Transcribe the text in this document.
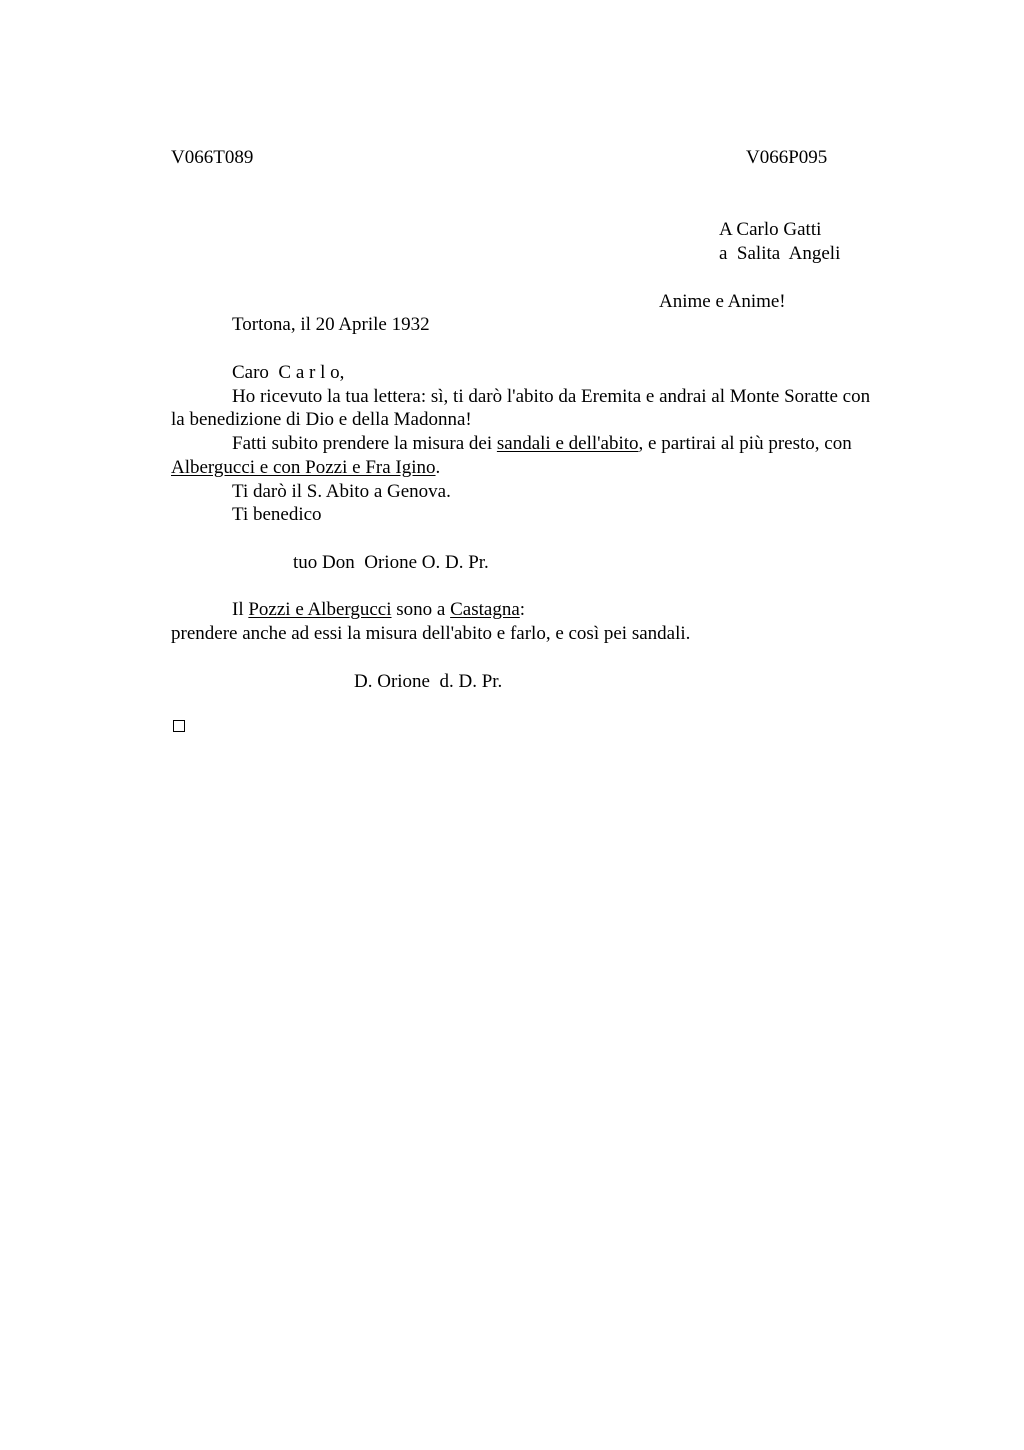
V066T089	V066P095
A Carlo Gatti
a  Salita  Angeli
Anime e Anime!
Tortona, il 20 Aprile 1932
Caro  C a r l o,
Ho ricevuto la tua lettera: sì, ti darò l'abito da Eremita e andrai al Monte Soratte con
la benedizione di Dio e della Madonna!
Fatti subito prendere la misura dei sandali e dell'abito, e partirai al più presto, con
Albergucci e con Pozzi e Fra Igino.
Ti darò il S. Abito a Genova.
Ti benedico
tuo Don  Orione O. D. Pr.
Il Pozzi e Albergucci sono a Castagna:
prendere anche ad essi la misura dell'abito e farlo, e così pei sandali.
D. Orione  d. D. Pr.
